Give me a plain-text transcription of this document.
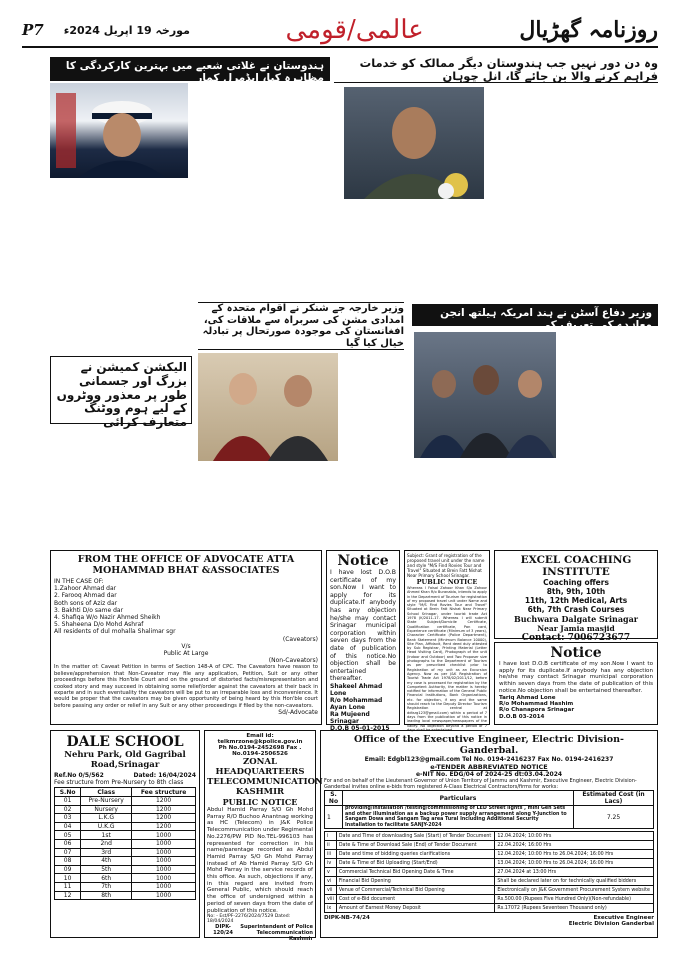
P7 مورخہ 19 اپریل 2024ء	عالمی/قومی	روزنامہ گھڑیال
ہندوستان نے غلاتی شعبے میں بہترین کارکردگی کا مظاہرہ کیا، ایڈمرل کمار
وہ دن دور نہیں جب ہندوستان دیگر ممالک کو خدمات فراہم کرنے والا بن جائے گا، انل چوہان
وزیر خارجہ جے شنکر نے اقوام متحدہ کے امدادی مشن کی سربراہ سے ملاقات کی، افغانستان کی موجودہ صورتحال پر تبادلہ خیال کیا گیا
وزیر دفاع آسٹن نے ہند امریکہ ہیلتھ انجن معاہدے کی تعریف کی
الیکشن کمیشن نے بزرگ اور جسمانی طور پر معذور ووٹروں کے لیے ہوم ووٹنگ متعارف کرائی
FROM THE OFFICE OF ADVOCATE ATTA MOHAMMAD BHAT &ASSOCIATES
IN THE CASE OF:
1.Zahoor Ahmad dar
2. Farooq Ahmad dar
Both sons of Aziz dar
3. Bakhti D/o same dar
4. Shafiqa W/o Nazir Ahmed Sheikh
5. Shaheena D/o Mohd Ashraf
All residents of dul mohalla Shalimar sgr
(Caveators)
V/s
Public At Large
(Non-Caveators)
In the matter of: Caveat Petition in terms of Section 148-A of CPC. The Caveators have reason to believe/apprehension that Non-Caveator may file any application, Petition, Suit or any other proceedings before this Hon'ble Court and on the ground of distorted facts/misrepresentation and cooked story and may succeed in obtaining some relief/order against the caveators at their back in exparte and in such eventuality the caveators will be put to an irreparable loss and inconvenience. It would be proper that the caveators may be given opportunity of being heard by this Hon'ble court before passing any order or relief in any Suit or any other proceedings if filed by the non-caveators.
Sd/-Advocate
Notice
I have lost D.O.B certificate of my son.Now I want to apply for its duplicate.If anybody has any objection he/she may contact Srinagar municipal corporation within seven days from the date of publication of this notice.No objection shall be entertained thereafter.
Shakeel Ahmad Lone
R/o Mohammad Ayan Lone
Ra Mujeend
Srinagar
D.O.B 05-01-2015
Subject: Grant of registration of the proposed travel unit under the name and style "M/S Find Rovies Tour and Travel" Situated at Brein Fatt Nishat Near Primary School Srinagar.
PUBLIC NOTICE
Whereas I Faisal Zahoor Khan S/o Zahoor Ahmed Khan R/o Buranabla, intends to apply in the Department of Tourism for registration of my proposed travel unit under Name and style "M/S Find Rovies Tour and Travel" Situated at Brein Fatt Nishat Near Primary School Srinagar, under tourist trade Act 1978 JK/2011-17. Whereas I will submit State Subject/Domicile Certificate, Qualification certificate, Pan card, Experience certificate (Minimum of 3 years), Character Certificate (Police Department), Bank Statement (Minimum Balance 10000), Site Plan, Affidavit, Rent deed duly attested by Sub Registrar, Printing Material (Letter Head Visiting Card), Photograph of the unit (Indoor and Outdoor) and Two Proposer size photographs to the Department of Tourism as per prescribed checklist prior to Registration of my unit as an Excursion Agency. Now as per J&K Registration of Tourist Trade Act 1978/02/2011/12, before my case is processed for registration by the Competent Authority, the matter is hereby notified for information of the General Public Financial Institutions, Bank Organizations, etc. for objection, if any and the same should reach to the Deputy Director Tourism Registration central at ddtsrg123@gmail.com) within a period of 7 days from the publication of this notice in leading local newspaper/newspapers of the valley. No objection beyond a period of 7 days shall be entertained.
EXCEL COACHING INSTITUTE
Coaching offers
8th, 9th, 10th
11th, 12th Medical, Arts
6th, 7th Crash Courses
Buchwara Dalgate Srinagar
Near Jamia masjid
Contact: 7006723677
Notice
I have lost D.O.B certificate of my son.Now I want to apply for its duplicate.If anybody has any objection he/she may contact Srinagar municipal corporation within seven days from the date of publication of this notice.No objection shall be entertained thereafter.
Tariq Ahmad Lone
R/o Mohammad Hashim
R/o Chanapora Srinagar
D.O.B 03-2014
DALE SCHOOL
Nehru Park, Old Gagribal
Road,Srinagar
Ref.No 0/5/562	Dated: 16/04/2024
Fee structure from Pre-Nursery to 8th class
S.No	Class	Fee structure
01	Pre-Nursery	1200
02	Nursery	1200
03	L.K.G	1200
04	U.K.G	1200
05	1st	1000
06	2nd	1000
07	3rd	1000
08	4th	1000
09	5th	1000
10	6th	1000
11	7th	1000
12	8th	1000
Email id: telkmrzone@kpolice.gov.in
Ph No.0194-2452698 Fax . No.0194-2506526
ZONAL HEADQUARTEERS TELECOMMUNICATION KASHMIR
PUBLIC NOTICE
Abdul Hamid Parray S/O Gh Mohd Parray R/O Buchoo Anantnag working as HC (Telecom) in J&K Police Telecommunication under Regimental No.2276/PW PID No.TEL-996103 has represented for correction in his name/parentage recorded as Abdul Hamid Parray S/O Gh Mohd Parray instead of Ab Hamid Parray S/O Gh Mohd Parray in the service records of this office. As such, objections if any, in this regard are invited from General Public, which should reach the office of undersigned within a period of seven days from the date of publication of this notice.
No: - Est/PF-2276/2024/7529 Dated: 18/04/2024
DIPK-120/24
Superintendent of Police
Telecommunication Kashmir
Office of the Executive Engineer, Electric Division- Ganderbal.
Email: Edgbl123@gmail.com Tel No. 0194-2416237 Fax No. 0194-2416237
e-TENDER ABBREVIATED NOTICE
e-NIT No. EDG/04 of 2024-25 dt:03.04.2024
For and on behalf of the Lieutenant Governor of Union Territory of Jammu and Kashmir, Executive Engineer, Electric Division-Ganderbal invites online e-bids from registered A-Class Electrical Contractors/firms for works:
S. No	Particulars	Estimated Cost (in Lacs)
1	providing/installation /testing/commissioning of LED Street lights , mini Gen Sets and other illumination as a backup power supply arrangement along Y-Junction to Sangam Dowa and Sangam Tag area Tural Including Additional Security Installation to facilitate SANJY-2024	7.25
i	Date and Time of downloading Sale (Start) of Tender Document	12.04.2024; 10:00 Hrs
ii	Date & Time of Download Sale (End) of Tender Document	22.04.2024; 16:00 Hrs
iii	Date and time of bidding queries clarifications	12.04.2024; 10:00 Hrs to 26.04.2024; 16:00 Hrs
iv	Date & Time of Bid Uploading (Start/End)	13.04.2024; 10:00 Hrs to 26.04.2024; 16:00 Hrs
v	Commercial Technical Bid Opening Date & Time	27.04.2024 at 13:00 Hrs
vi	Financial Bid Opening	Shall be declared later on for technically qualified bidders
vii	Venue of Commercial/Technical Bid Opening	Electronically on J&K Government Procurement System website
viii	Cost of e-Bid document	Rs.500.00 (Rupees Five Hundred Only)(Non-refundable)
ix	Amount of Earnest Money Deposit	Rs.17072 (Rupees Seventeen Thousand only)
DIPK-NB-74/24	Executive Engineer
Electric Division Ganderbal
